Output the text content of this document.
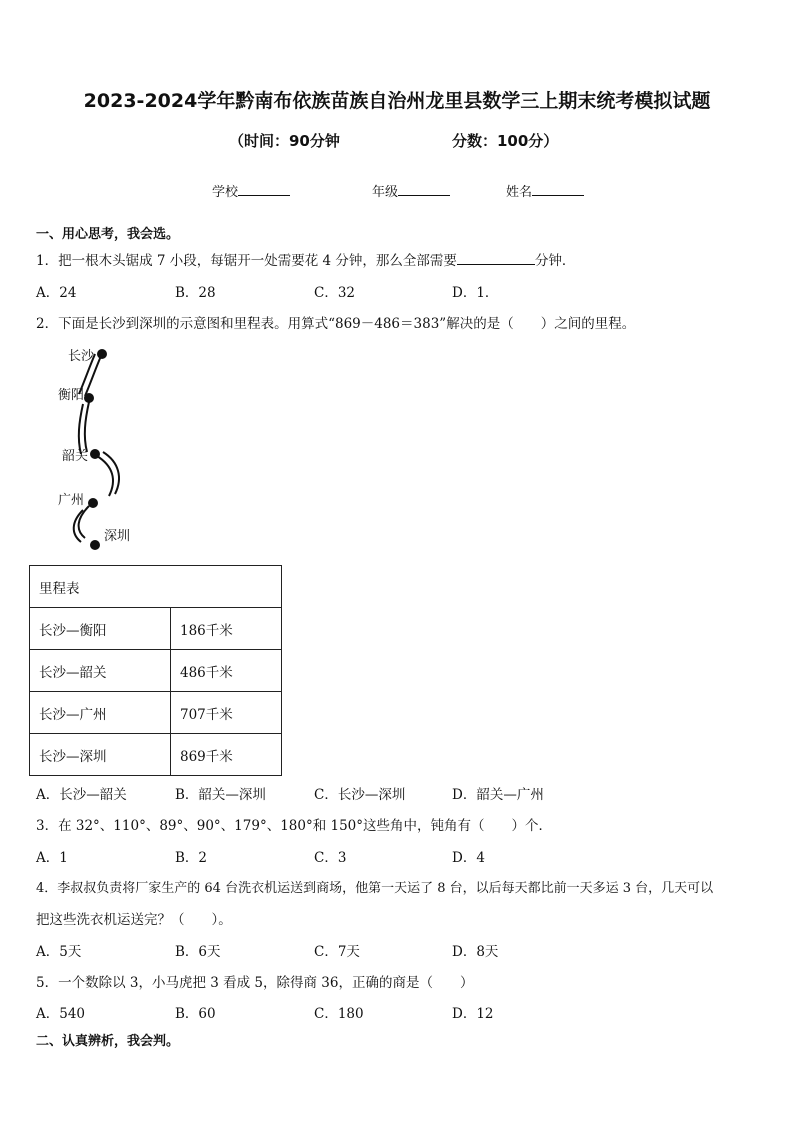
2023-2024学年黔南布依族苗族自治州龙里县数学三上期末统考模拟试题
（时间：90分钟	分数：100分）
学校	年级	姓名
一、用心思考，我会选。
1．把一根木头锯成 7 小段，每锯开一处需要花 4 分钟，那么全部需要	分钟．
A．24	B．28	C．32	D．1．
2．下面是长沙到深圳的示意图和里程表。用算式“869－486＝383”解决的是（　　）之间的里程。
长沙
衡阳
韶关
广州
深圳
里程表	
长沙—衡阳	186千米
长沙—韶关	486千米
长沙—广州	707千米
长沙—深圳	869千米
A．长沙—韶关	B．韶关—深圳	C．长沙—深圳	D．韶关—广州
3．在 32°、110°、89°、90°、179°、180°和 150°这些角中，钝角有（　　）个．
A．1	B．2	C．3	D．4
4．李叔叔负责将厂家生产的 64 台洗衣机运送到商场，他第一天运了 8 台，以后每天都比前一天多运 3 台，几天可以
把这些洗衣机运送完？（　　）。
A．5天	B．6天	C．7天	D．8天
5．一个数除以 3，小马虎把 3 看成 5，除得商 36，正确的商是（　　）
A．540	B．60	C．180	D．12
二、认真辨析，我会判。
